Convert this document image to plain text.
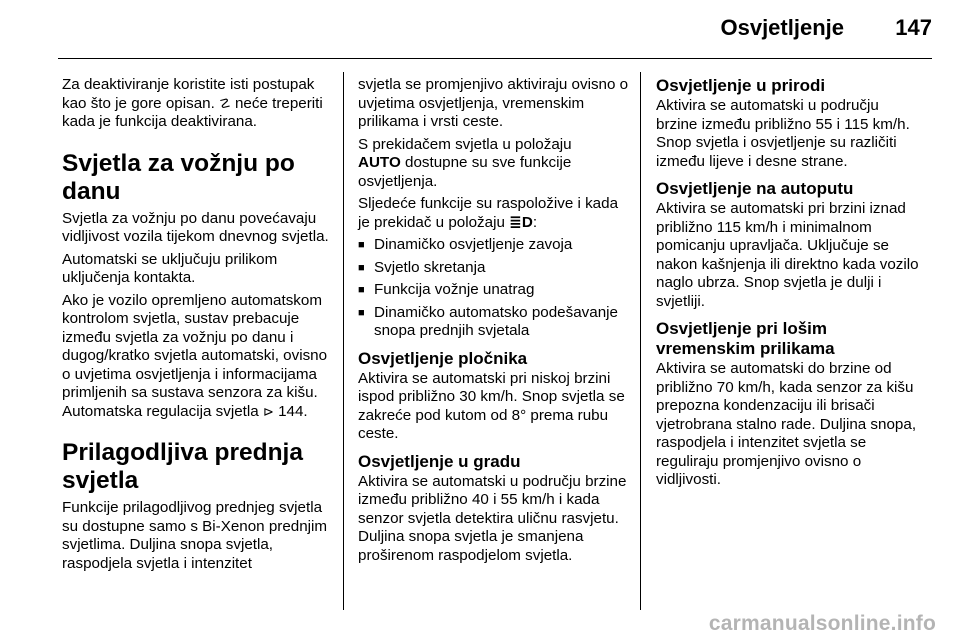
Osvjetljenje 147

Za deaktiviranje koristite isti postupak kao što je gore opisan. ☡ neće treperiti kada je funkcija deaktivirana.

Svjetla za vožnju po danu

Svjetla za vožnju po danu povećavaju vidljivost vozila tijekom dnevnog svjetla.

Automatski se uključuju prilikom uključenja kontakta.

Ako je vozilo opremljeno automatskom kontrolom svjetla, sustav prebacuje između svjetla za vožnju po danu i dugog/kratko svjetla automatski, ovisno o uvjetima osvjetljenja i informacijama primljenih sa sustava senzora za kišu. Automatska regulacija svjetla ⊳ 144.

Prilagodljiva prednja svjetla

Funkcije prilagodljivog prednjeg svjetla su dostupne samo s Bi-Xenon prednjim svjetlima. Duljina snopa svjetla, raspodjela svjetla i intenzitet

svjetla se promjenjivo aktiviraju ovisno o uvjetima osvjetljenja, vremenskim prilikama i vrsti ceste.

S prekidačem svjetla u položaju
AUTO dostupne su sve funkcije osvjetljenja.

Sljedeće funkcije su raspoložive i kada je prekidač u položaju ≣D:

■ Dinamičko osvjetljenje zavoja
■ Svjetlo skretanja
■ Funkcija vožnje unatrag
■ Dinamičko automatsko podešavanje snopa prednjih svjetala
Osvjetljenje pločnika

Aktivira se automatski pri niskoj brzini ispod približno 30 km/h. Snop svjetla se zakreće pod kutom od 8° prema rubu ceste.

Osvjetljenje u gradu

Aktivira se automatski u području brzine između približno 40 i 55 km/h i kada senzor svjetla detektira uličnu rasvjetu. Duljina snopa svjetla je smanjena proširenom raspodjelom svjetla.

Osvjetljenje u prirodi

Aktivira se automatski u području brzine između približno 55 i 115 km/h. Snop svjetla i osvjetljenje su različiti između lijeve i desne strane.

Osvjetljenje na autoputu

Aktivira se automatski pri brzini iznad približno 115 km/h i minimalnom pomicanju upravljača. Uključuje se nakon kašnjenja ili direktno kada vozilo naglo ubrza. Snop svjetla je dulji i svjetliji.

Osvjetljenje pri lošim vremenskim prilikama

Aktivira se automatski do brzine od približno 70 km/h, kada senzor za kišu prepozna kondenzaciju ili brisači vjetrobrana stalno rade. Duljina snopa, raspodjela i intenzitet svjetla se reguliraju promjenjivo ovisno o vidljivosti.

carmanualsonline.info
